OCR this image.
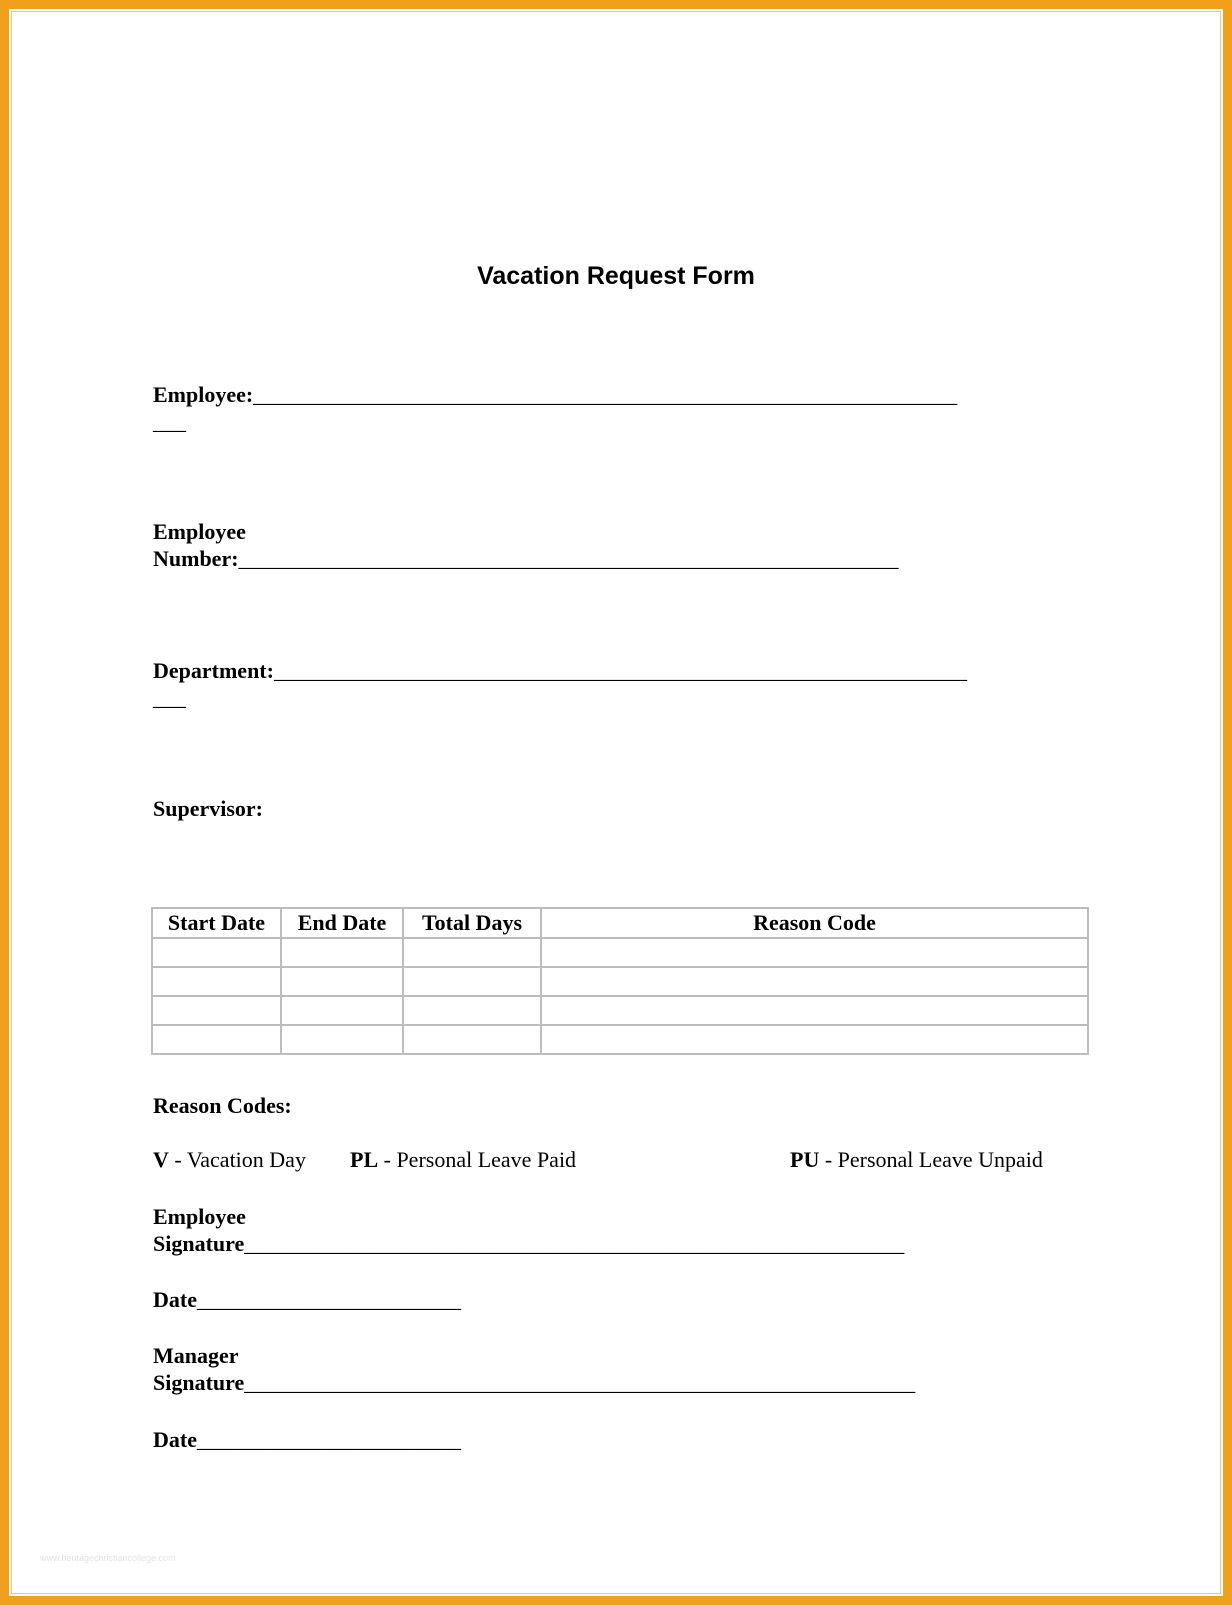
Vacation Request Form
Employee:________________________________________________________________
___
Employee
Number:____________________________________________________________
Department:_______________________________________________________________
___
Supervisor:
Start Date	End Date	Total Days	Reason Code

Reason Codes:
V - Vacation Day PL - Personal Leave Paid	PU - Personal Leave Unpaid
Employee
Signature____________________________________________________________
Date________________________
Manager
Signature_____________________________________________________________
Date________________________
www.heritagechristiancollege.com
